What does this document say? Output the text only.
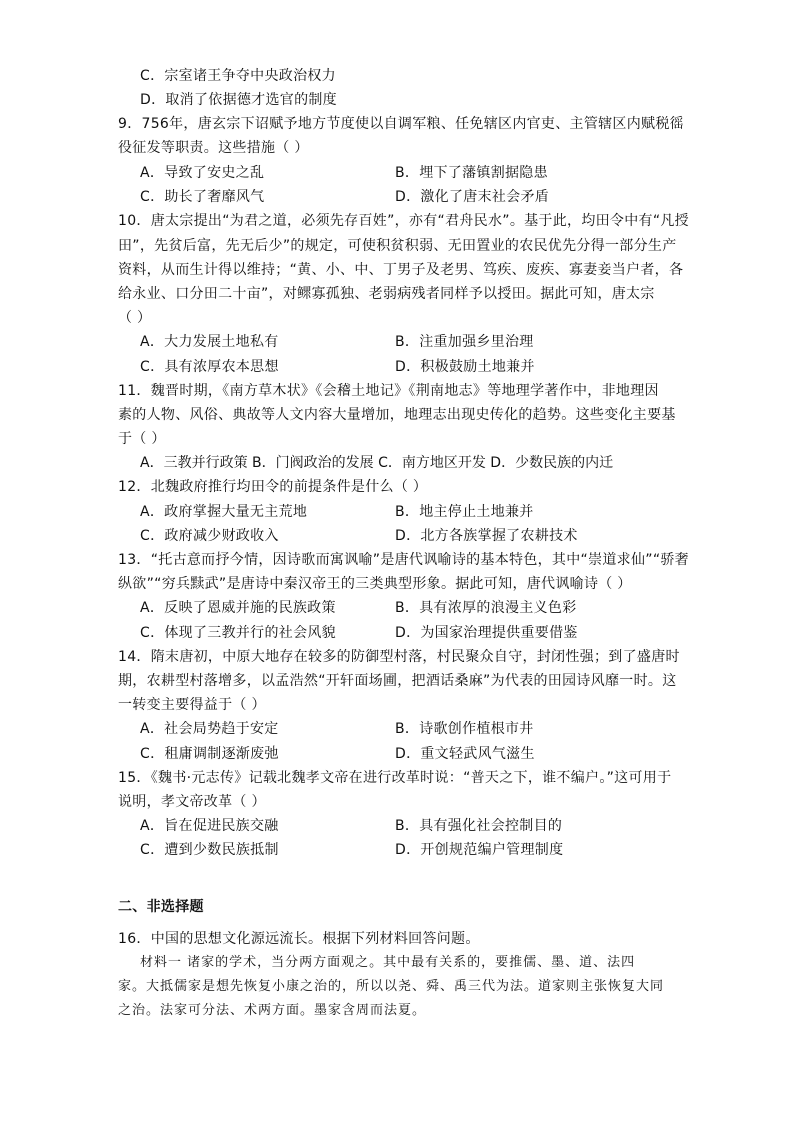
C．宗室诸王争夺中央政治权力
D．取消了依据德才选官的制度
9．756年，唐玄宗下诏赋予地方节度使以自调军粮、任免辖区内官吏、主管辖区内赋税徭
役征发等职责。这些措施（ ）
A．导致了安史之乱	B．埋下了藩镇割据隐患
C．助长了奢靡风气	D．激化了唐末社会矛盾
10．唐太宗提出“为君之道，必须先存百姓”，亦有“君舟民水”。基于此，均田令中有“凡授
田”，先贫后富，先无后少”的规定，可使积贫积弱、无田置业的农民优先分得一部分生产
资料，从而生计得以维持；“黄、小、中、丁男子及老男、笃疾、废疾、寡妻妾当户者，各
给永业、口分田二十亩”，对鳏寡孤独、老弱病残者同样予以授田。据此可知，唐太宗
（ ）
A．大力发展土地私有	B．注重加强乡里治理
C．具有浓厚农本思想	D．积极鼓励土地兼并
11．魏晋时期，《南方草木状》《会稽土地记》《荆南地志》等地理学著作中，非地理因
素的人物、风俗、典故等人文内容大量增加，地理志出现史传化的趋势。这些变化主要基
于（ ）
A．三教并行政策 B．门阀政治的发展 C．南方地区开发 D．少数民族的内迁
12．北魏政府推行均田令的前提条件是什么（ ）
A．政府掌握大量无主荒地	B．地主停止土地兼并
C．政府减少财政收入	D．北方各族掌握了农耕技术
13．“托古意而抒今情，因诗歌而寓讽喻”是唐代讽喻诗的基本特色，其中“崇道求仙”“骄奢
纵欲”“穷兵黩武”是唐诗中秦汉帝王的三类典型形象。据此可知，唐代讽喻诗（ ）
A．反映了恩威并施的民族政策	B．具有浓厚的浪漫主义色彩
C．体现了三教并行的社会风貌	D．为国家治理提供重要借鉴
14．隋末唐初，中原大地存在较多的防御型村落，村民聚众自守，封闭性强；到了盛唐时
期，农耕型村落增多，以孟浩然“开轩面场圃，把酒话桑麻”为代表的田园诗风靡一时。这
一转变主要得益于（ ）
A．社会局势趋于安定	B．诗歌创作植根市井
C．租庸调制逐渐废弛	D．重文轻武风气滋生
15．《魏书·元志传》记载北魏孝文帝在进行改革时说：“普天之下，谁不编户。”这可用于
说明，孝文帝改革（ ）
A．旨在促进民族交融	B．具有强化社会控制目的
C．遭到少数民族抵制	D．开创规范编户管理制度
二、非选择题
16．中国的思想文化源远流长。根据下列材料回答问题。
材料一 诸家的学术，当分两方面观之。其中最有关系的，要推儒、墨、道、法四
家。大抵儒家是想先恢复小康之治的，所以以尧、舜、禹三代为法。道家则主张恢复大同
之治。法家可分法、术两方面。墨家含周而法夏。
